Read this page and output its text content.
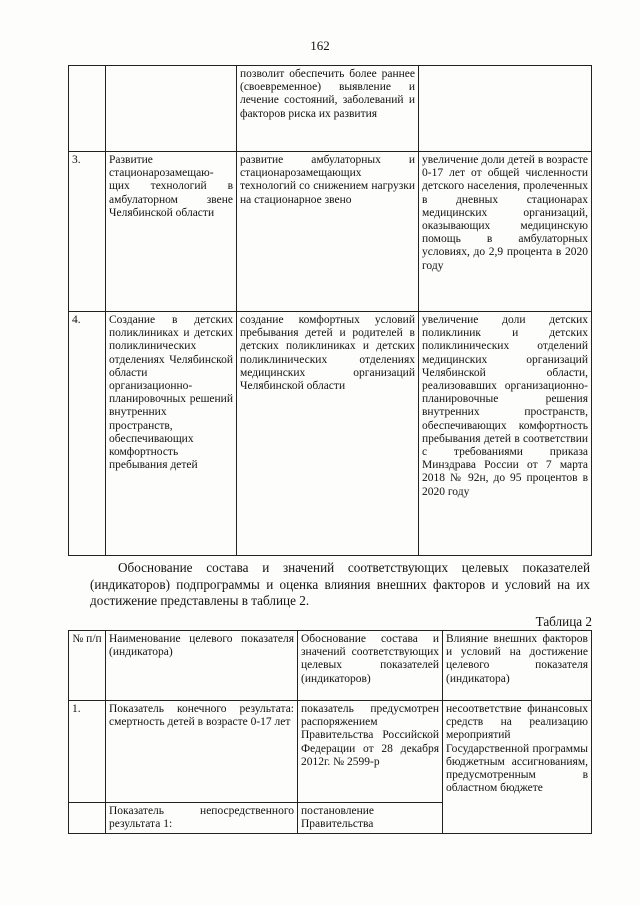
162
		позволит обеспечить более раннее (своевременное) выявление и лечение состояний, заболеваний и факторов риска их развития	
3.	Развитие стационарозамещаю-щих технологий в амбулаторном звене Челябинской области	развитие амбулаторных и стационарозамещающих технологий со снижением нагрузки на стационарное звено	увеличение доли детей в возрасте 0-17 лет от общей численности детского населения, пролеченных в дневных стационарах медицинских организаций, оказывающих медицинскую помощь в амбулаторных условиях, до 2,9 процента в 2020 году
4.	Создание в детских поликлиниках и детских поликлинических отделениях Челябинской области организационно-планировочных решений внутренних пространств, обеспечивающих комфортность пребывания детей	создание комфортных условий пребывания детей и родителей в детских поликлиниках и детских поликлинических отделениях медицинских организаций Челябинской области	увеличение доли детских поликлиник и детских поликлинических отделений медицинских организаций Челябинской области, реализовавших организационно-планировочные решения внутренних пространств, обеспечивающих комфортность пребывания детей в соответствии с требованиями приказа Минздрава России от 7 марта 2018 № 92н, до 95 процентов в 2020 году
Обоснование состава и значений соответствующих целевых показателей (индикаторов) подпрограммы и оценка влияния внешних факторов и условий на их достижение представлены в таблице 2.
Таблица 2
№ п/п	Наименование целевого показателя (индикатора)	Обоснование состава и значений соответствующих целевых показателей (индикаторов)	Влияние внешних факторов и условий на достижение целевого показателя (индикатора)
1.	Показатель конечного результата: смертность детей в возрасте 0-17 лет	показатель предусмотрен распоряжением Правительства Российской Федерации от 28 декабря 2012г. № 2599-р	несоответствие финансовых средств на реализацию мероприятий Государственной программы бюджетным ассигнованиям, предусмотренным в областном бюджете
	Показатель непосредственного результата 1:	постановление Правительства	
